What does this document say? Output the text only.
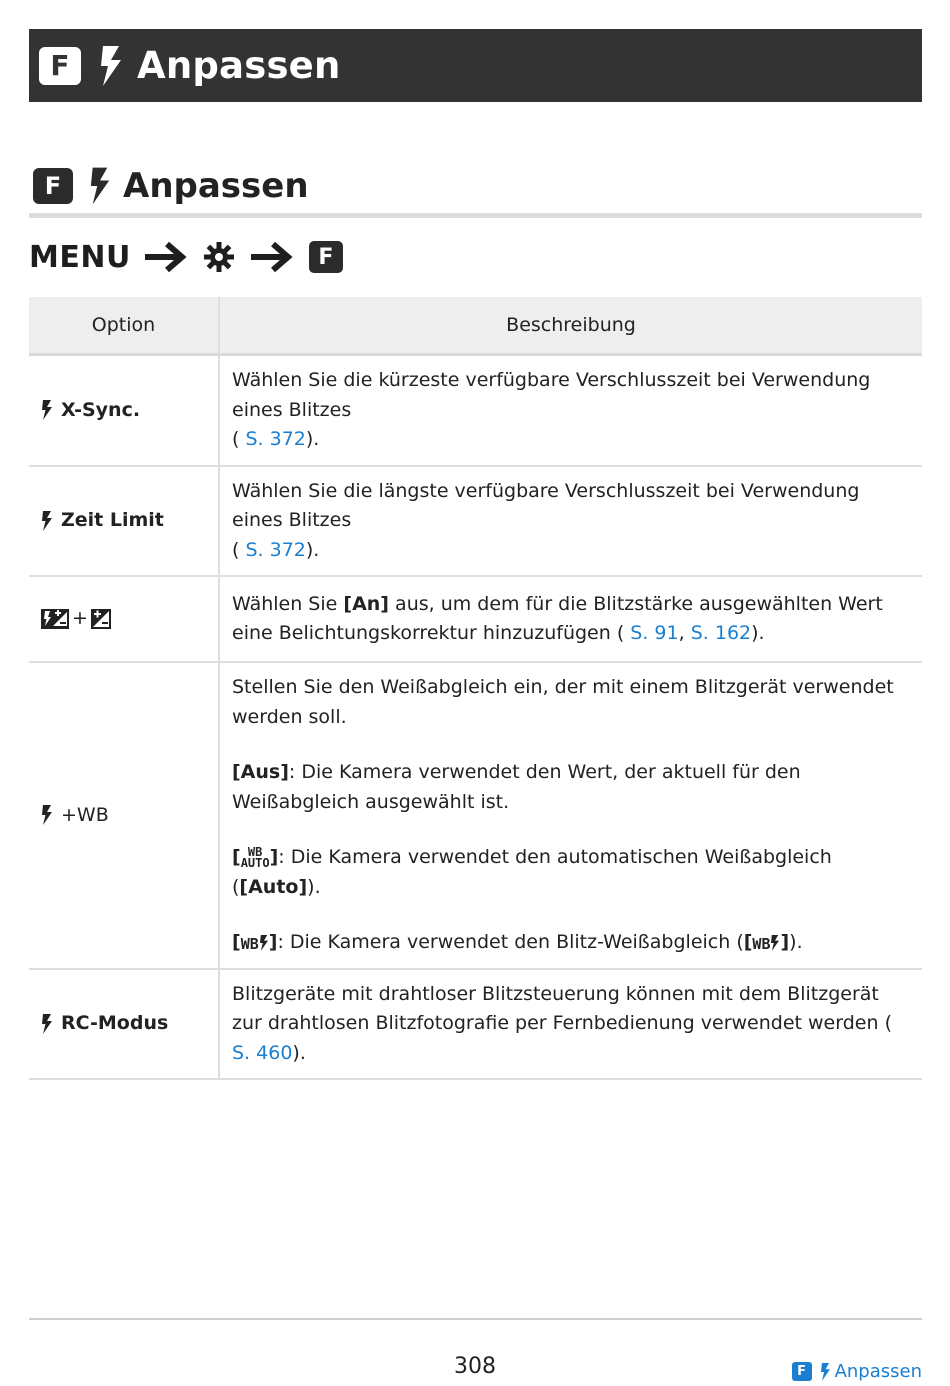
F	Anpassen
F	Anpassen
MENU	F
Option	Beschreibung

X-Sync.	Wählen Sie die kürzeste verfügbare Verschlusszeit bei Verwendung eines Blitzes
( S. 372).

Zeit Limit	Wählen Sie die längste verfügbare Verschlusszeit bei Verwendung eines Blitzes
( S. 372).

+	Wählen Sie [An] aus, um dem für die Blitzstärke ausgewählten Wert eine Belichtungskorrektur hinzuzufügen ( S. 91, S. 162).

+WB	Stellen Sie den Weißabgleich ein, der mit einem Blitzgerät verwendet werden soll.
[Aus]: Die Kamera verwendet den Wert, der aktuell für den Weißabgleich ausgewählt ist.
[ WB
AUTO]: Die Kamera verwendet den automatischen Weißabgleich ([Auto]).
[WB ]: Die Kamera verwendet den Blitz-Weißabgleich ([WB ]).

RC-Modus	Blitzgeräte mit drahtloser Blitzsteuerung können mit dem Blitzgerät zur drahtlosen Blitzfotografie per Fernbedienung verwendet werden ( S. 460).
308	F	Anpassen
